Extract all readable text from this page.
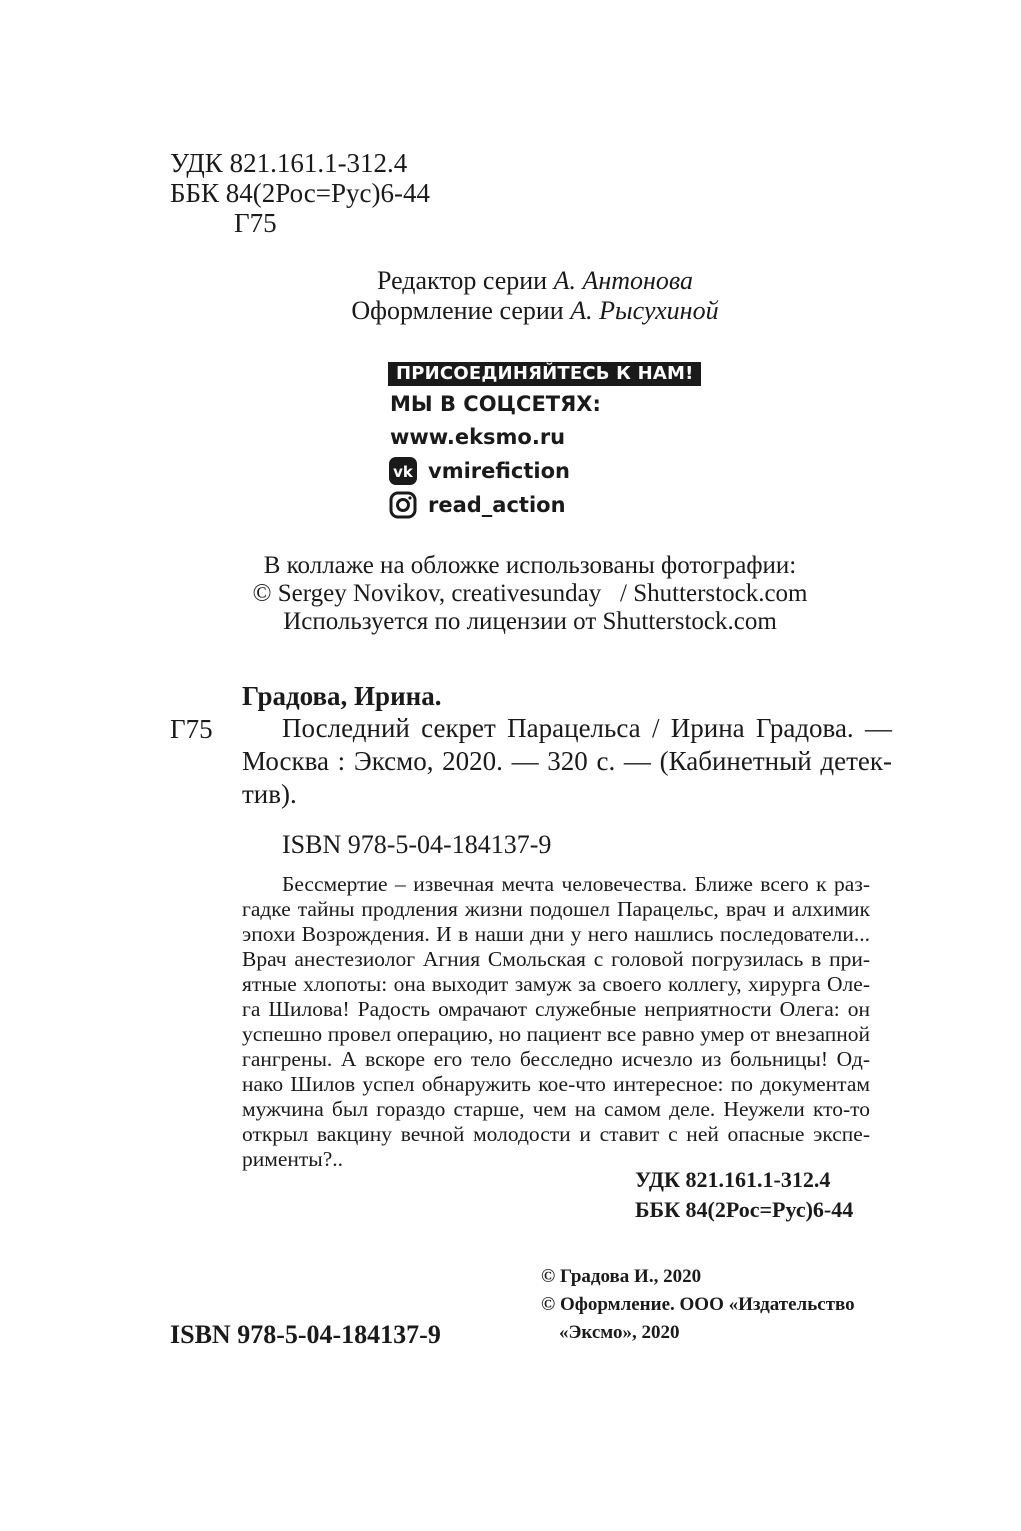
УДК 821.161.1-312.4
ББК 84(2Рос=Рус)6-44
Г75
Редактор серии А. Антонова
Оформление серии А. Рысухиной
ПРИСОЕДИНЯЙТЕСЬ К НАМ!
МЫ В СОЦСЕТЯХ:
www.eksmo.ru
vk vmirefiction
read_action
В коллаже на обложке использованы фотографии:
© Sergey Novikov, creativesunday   / Shutterstock.com
Используется по лицензии от Shutterstock.com
Градова, Ирина.
Г75	Последний секрет Парацельса / Ирина Градова. —
Москва : Эксмо, 2020. — 320 с. — (Кабинетный детек-
тив).
ISBN 978-5-04-184137-9
Бессмертие – извечная мечта человечества. Ближе всего к раз-
гадке тайны продления жизни подошел Парацельс, врач и алхимик
эпохи Возрождения. И в наши дни у него нашлись последователи...
Врач анестезиолог Агния Смольская с головой погрузилась в при-
ятные хлопоты: она выходит замуж за своего коллегу, хирурга Оле-
га Шилова! Радость омрачают служебные неприятности Олега: он
успешно провел операцию, но пациент все равно умер от внезапной
гангрены. А вскоре его тело бесследно исчезло из больницы! Од-
нако Шилов успел обнаружить кое-что интересное: по документам
мужчина был гораздо старше, чем на самом деле. Неужели кто-то
открыл вакцину вечной молодости и ставит с ней опасные экспе-
рименты?..
УДК 821.161.1-312.4
ББК 84(2Рос=Рус)6-44
© Градова И., 2020
© Оформление. ООО «Издательство
«Эксмо», 2020
ISBN 978-5-04-184137-9
